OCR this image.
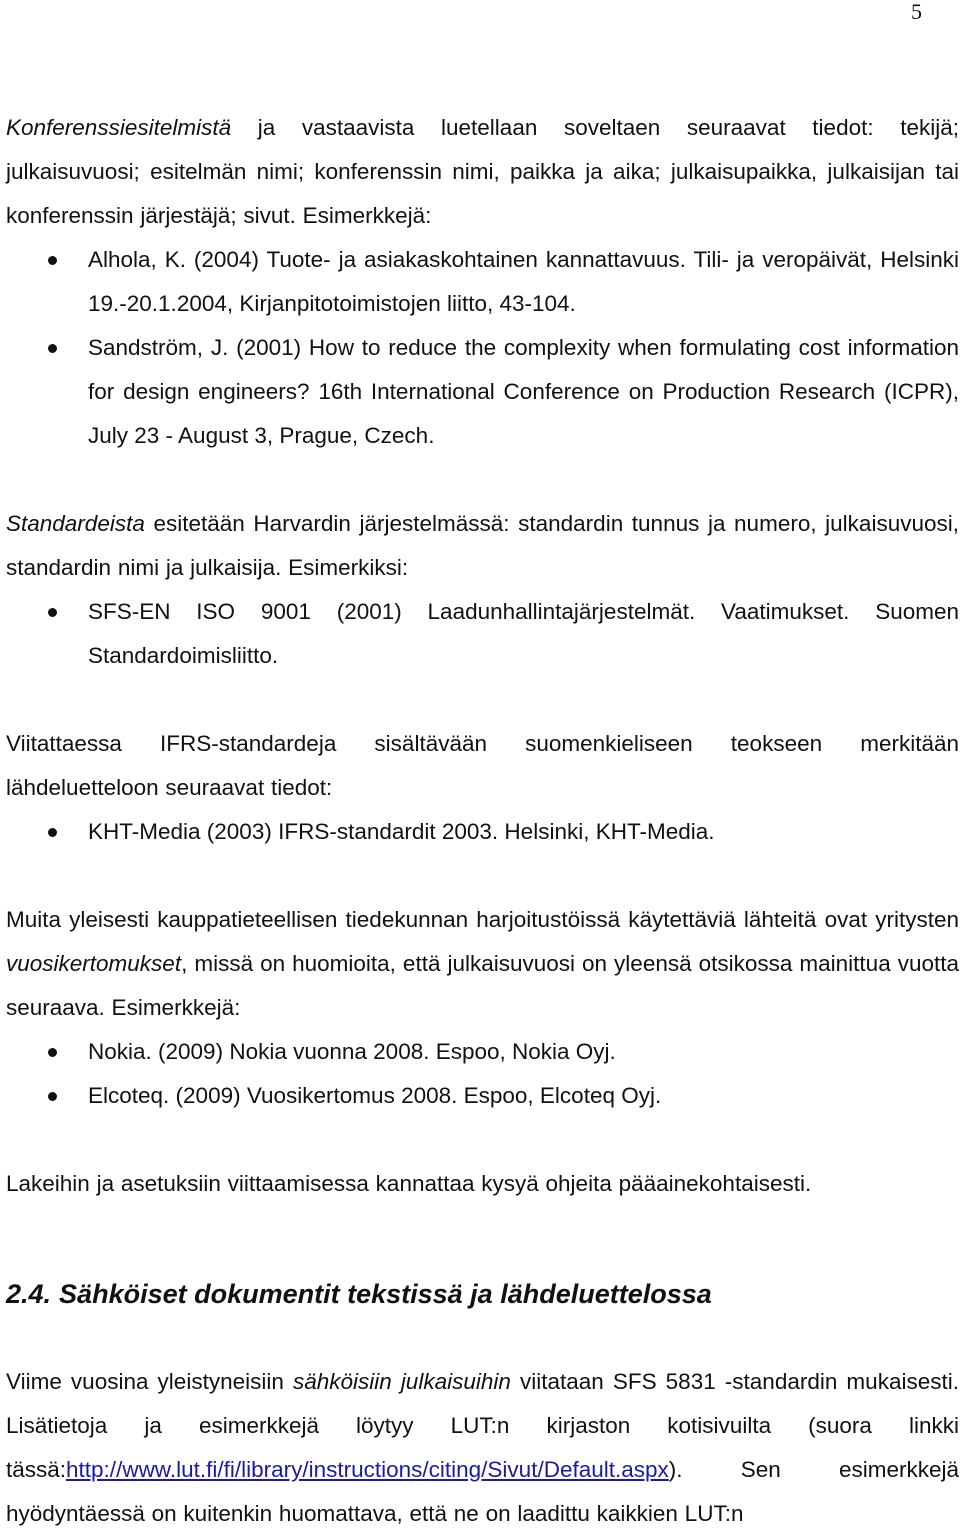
5

Konferenssiesitelmistä ja vastaavista luetellaan soveltaen seuraavat tiedot: tekijä; julkaisuvuosi; esitelmän nimi; konferenssin nimi, paikka ja aika; julkaisupaikka, julkaisijan tai konferenssin järjestäjä; sivut. Esimerkkejä:

Alhola, K. (2004) Tuote- ja asiakaskohtainen kannattavuus. Tili- ja veropäivät, Helsinki 19.-20.1.2004, Kirjanpitotoimistojen liitto, 43-104.
Sandström, J. (2001) How to reduce the complexity when formulating cost information for design engineers? 16th International Conference on Production Research (ICPR), July 23 - August 3, Prague, Czech.

Standardeista esitetään Harvardin järjestelmässä: standardin tunnus ja numero, julkaisuvuosi, standardin nimi ja julkaisija. Esimerkiksi:

SFS-EN ISO 9001 (2001) Laadunhallintajärjestelmät. Vaatimukset. Suomen Standardoimisliitto.

Viitattaessa IFRS-standardeja sisältävään suomenkieliseen teokseen merkitään lähdeluetteloon seuraavat tiedot:

KHT-Media (2003) IFRS-standardit 2003. Helsinki, KHT-Media.

Muita yleisesti kauppatieteellisen tiedekunnan harjoitustöissä käytettäviä lähteitä ovat yritysten vuosikertomukset, missä on huomioita, että julkaisuvuosi on yleensä otsikossa mainittua vuotta seuraava. Esimerkkejä:

Nokia. (2009) Nokia vuonna 2008. Espoo, Nokia Oyj.
Elcoteq. (2009) Vuosikertomus 2008. Espoo, Elcoteq Oyj.

Lakeihin ja asetuksiin viittaamisessa kannattaa kysyä ohjeita pääainekohtaisesti.

2.4. Sähköiset dokumentit tekstissä ja lähdeluettelossa

Viime vuosina yleistyneisiin sähköisiin julkaisuihin viitataan SFS 5831 -standardin mukaisesti. Lisätietoja ja esimerkkejä löytyy LUT:n kirjaston kotisivuilta (suora linkki tässä:http://www.lut.fi/fi/library/instructions/citing/Sivut/Default.aspx). Sen esimerkkejä hyödyntäessä on kuitenkin huomattava, että ne on laadittu kaikkien LUT:n
